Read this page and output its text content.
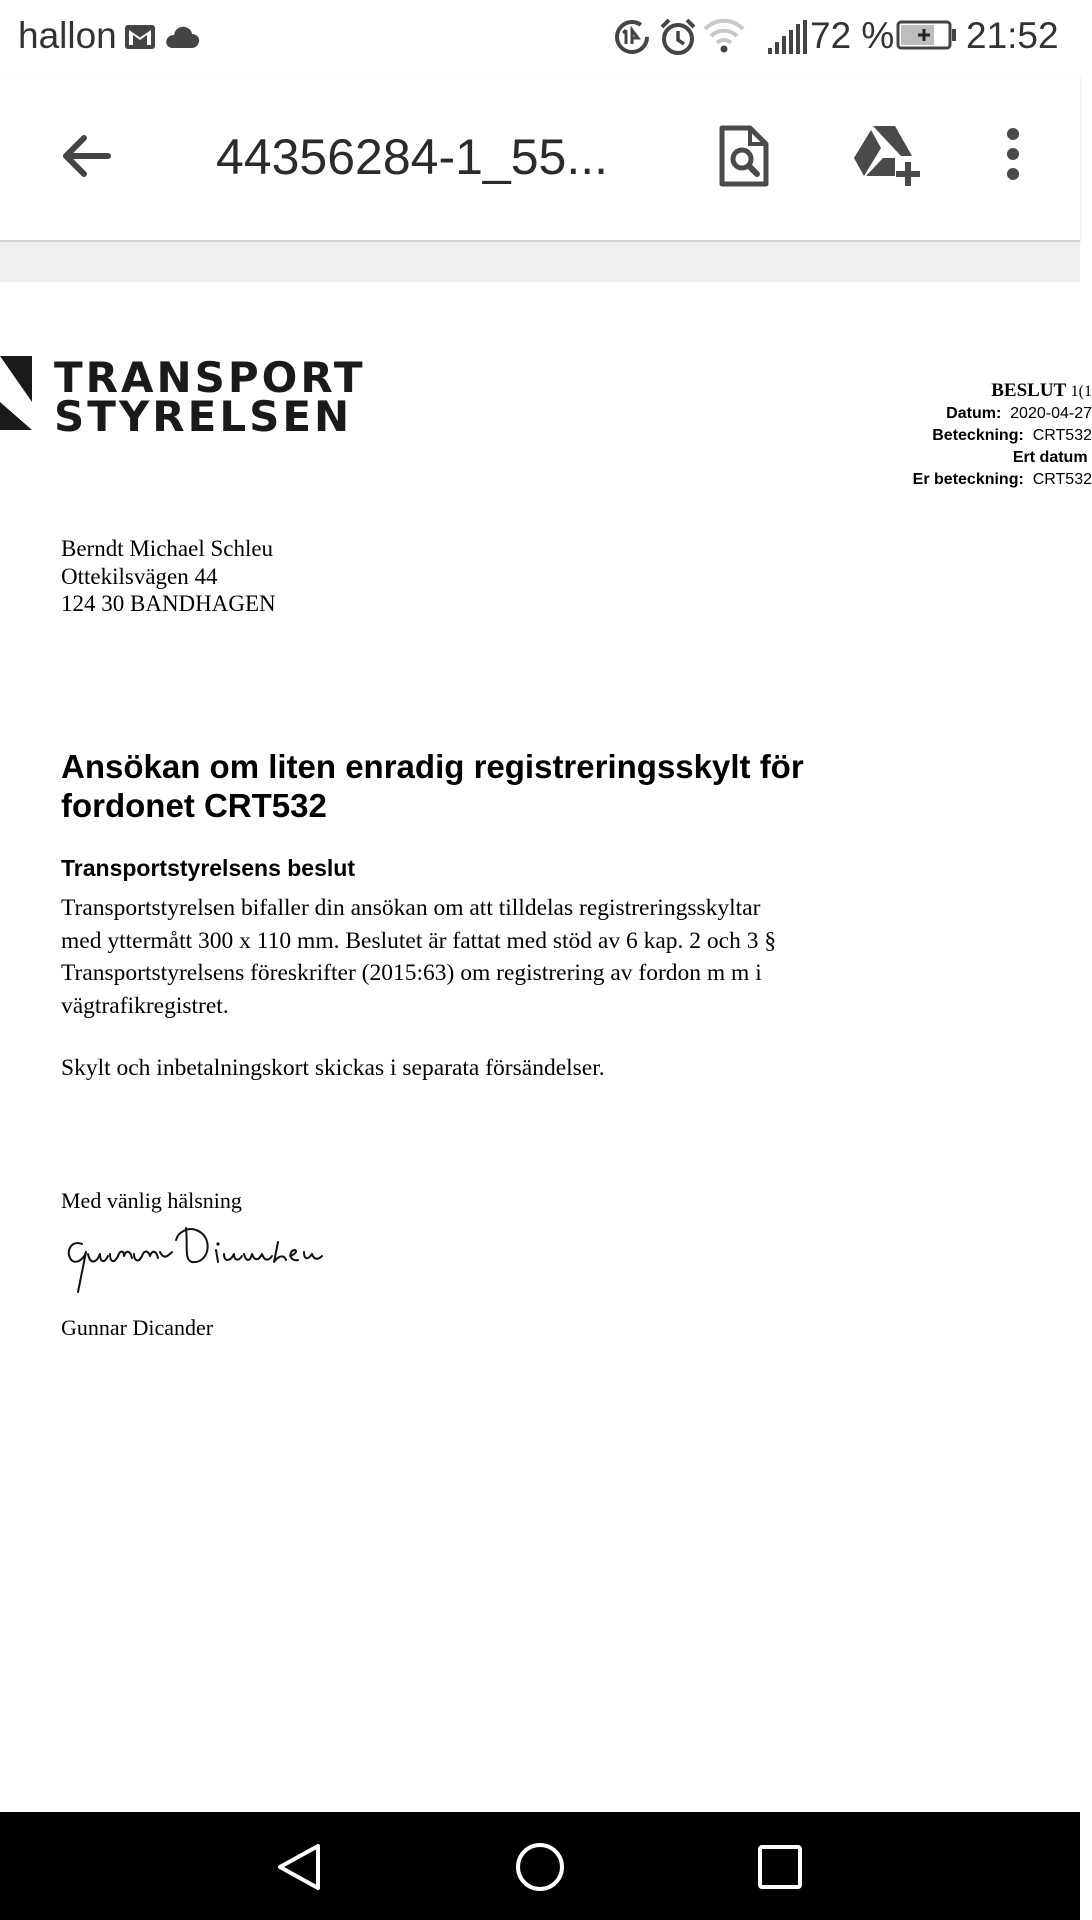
hallon	72 % 21:52
44356284-1_55...
TRANSPORT
STYRELSEN
BESLUT 1(1
Datum: 2020-04-27
Beteckning: CRT532
Ert datum
Er beteckning: CRT532
Berndt Michael Schleu
Ottekilsvägen 44
124 30 BANDHAGEN
Ansökan om liten enradig registreringsskylt för
fordonet CRT532
Transportstyrelsens beslut
Transportstyrelsen bifaller din ansökan om att tilldelas registreringsskyltar
med yttermått 300 x 110 mm. Beslutet är fattat med stöd av 6 kap. 2 och 3 §
Transportstyrelsens föreskrifter (2015:63) om registrering av fordon m m i
vägtrafikregistret.
Skylt och inbetalningskort skickas i separata försändelser.
Med vänlig hälsning
Gunnar Dicander
